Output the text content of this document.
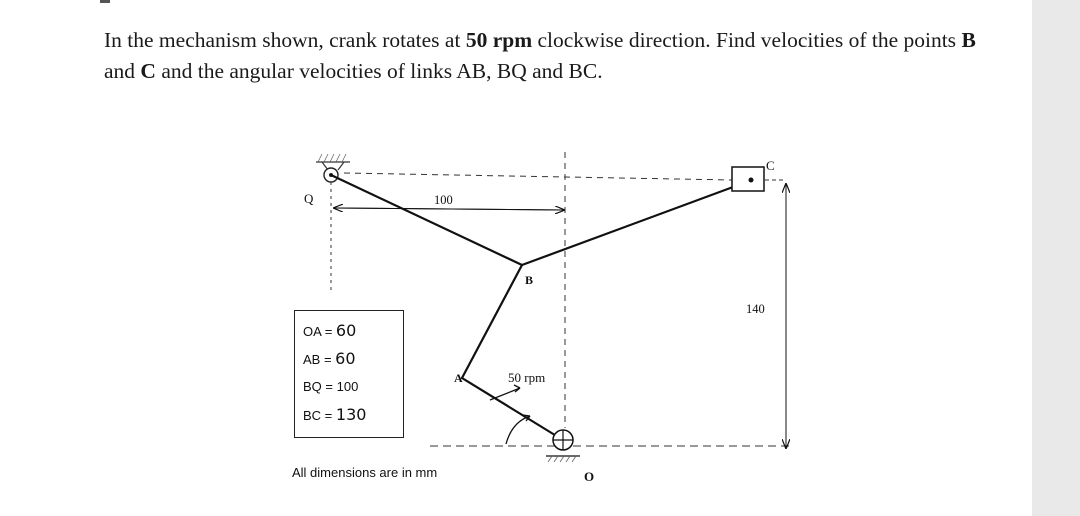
In the mechanism shown, crank rotates at 50 rpm clockwise direction. Find velocities of the points B and C and the angular velocities of links AB, BQ and BC.
Q	100
B
C
140
A	50 rpm
O
OA = 60
AB = 60
BQ = 100
BC = 130
All dimensions are in mm
